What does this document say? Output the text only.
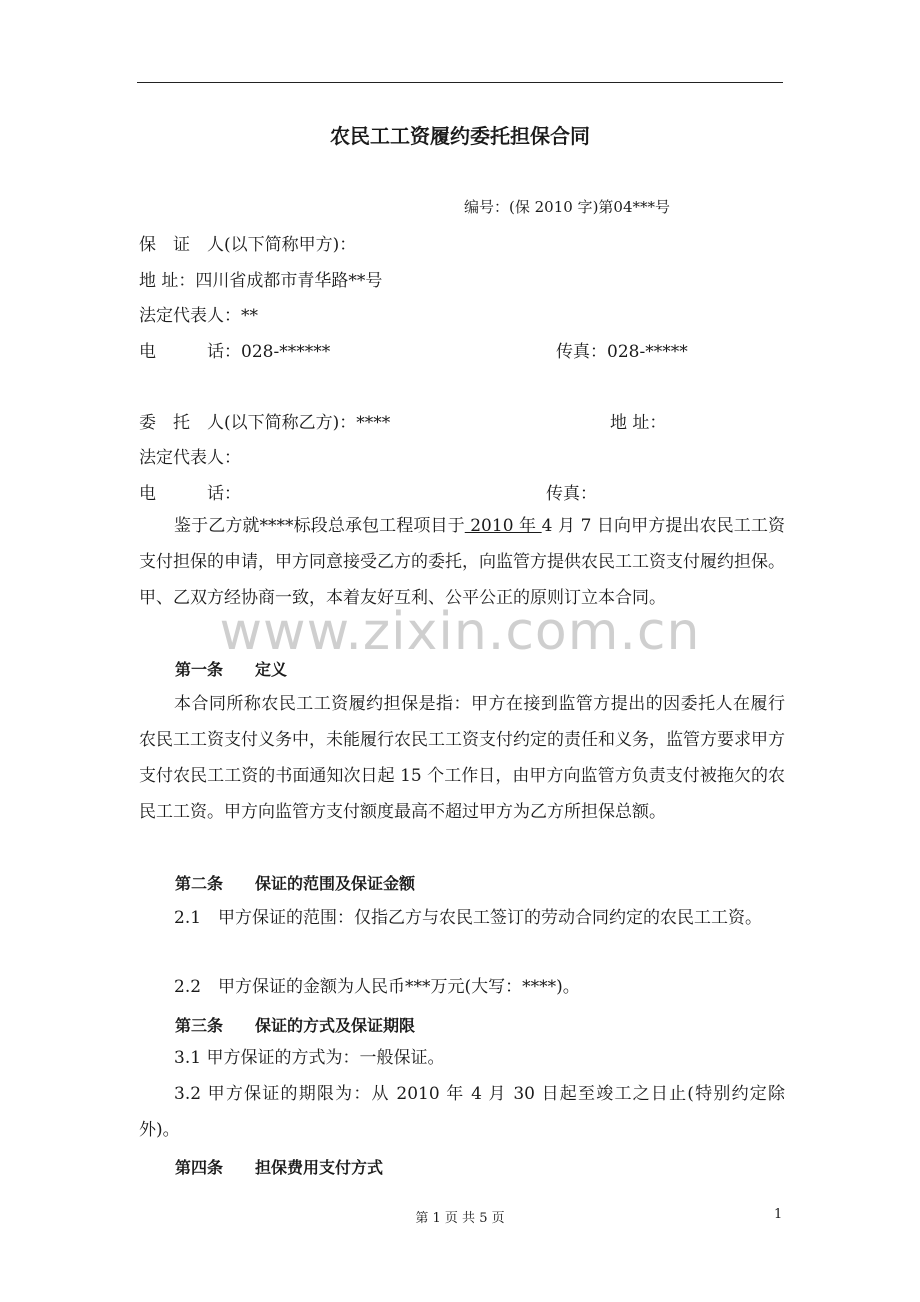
农民工工资履约委托担保合同
编号：(保 2010 字)第04***号
保　证　人(以下简称甲方)：
地 址：四川省成都市青华路**号
法定代表人：**
电　　　话：028-******	传真：028-*****
委　托　人(以下简称乙方)：****	地 址：
法定代表人：
电　　　话：	传真：

鉴于乙方就****标段总承包工程项目于 2010 年 4 月 7 日向甲方提出农民工工资支付担保的申请，甲方同意接受乙方的委托，向监管方提供农民工工资支付履约担保。甲、乙双方经协商一致，本着友好互利、公平公正的原则订立本合同。

www.zixin.com.cn
第一条　　定义

本合同所称农民工工资履约担保是指：甲方在接到监管方提出的因委托人在履行农民工工资支付义务中，未能履行农民工工资支付约定的责任和义务，监管方要求甲方支付农民工工资的书面通知次日起 15 个工作日，由甲方向监管方负责支付被拖欠的农民工工资。甲方向监管方支付额度最高不超过甲方为乙方所担保总额。

第二条　　保证的范围及保证金额

2.1　甲方保证的范围：仅指乙方与农民工签订的劳动合同约定的农民工工资。

2.2　甲方保证的金额为人民币***万元(大写：****)。

第三条　　保证的方式及保证期限

3.1 甲方保证的方式为：一般保证。

3.2 甲方保证的期限为：从 2010 年 4 月 30 日起至竣工之日止(特别约定除外)。

第四条　　担保费用支付方式
第 1 页 共 5 页	1
